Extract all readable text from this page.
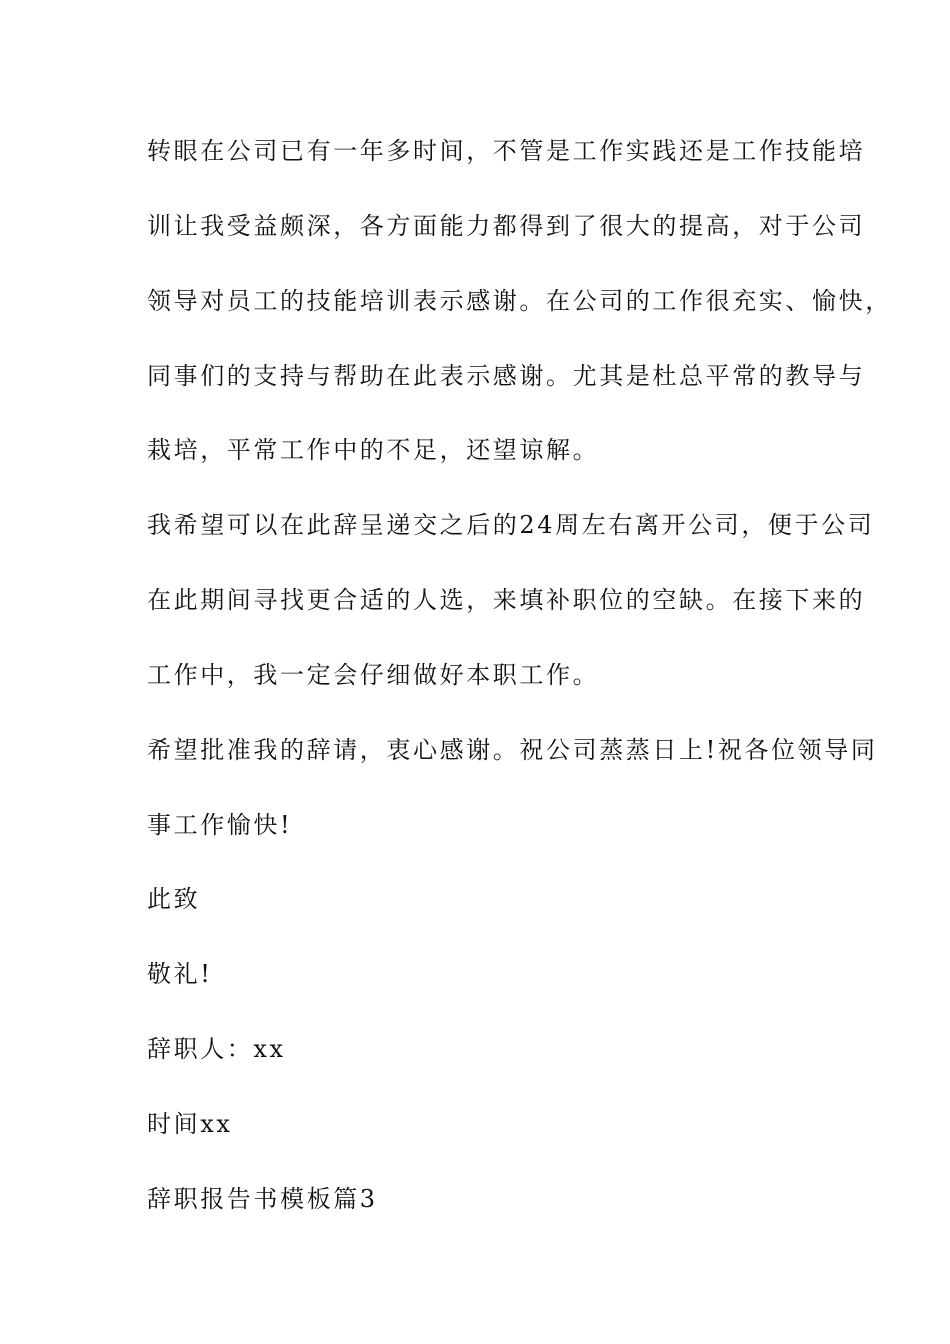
转眼在公司已有一年多时间，不管是工作实践还是工作技能培
训让我受益颇深，各方面能力都得到了很大的提高，对于公司
领导对员工的技能培训表示感谢。在公司的工作很充实、愉快，
同事们的支持与帮助在此表示感谢。尤其是杜总平常的教导与
栽培，平常工作中的不足，还望谅解。
我希望可以在此辞呈递交之后的24周左右离开公司，便于公司
在此期间寻找更合适的人选，来填补职位的空缺。在接下来的
工作中，我一定会仔细做好本职工作。
希望批准我的辞请，衷心感谢。祝公司蒸蒸日上!祝各位领导同
事工作愉快!
此致
敬礼!
辞职人：xx
时间xx
辞职报告书模板篇3
